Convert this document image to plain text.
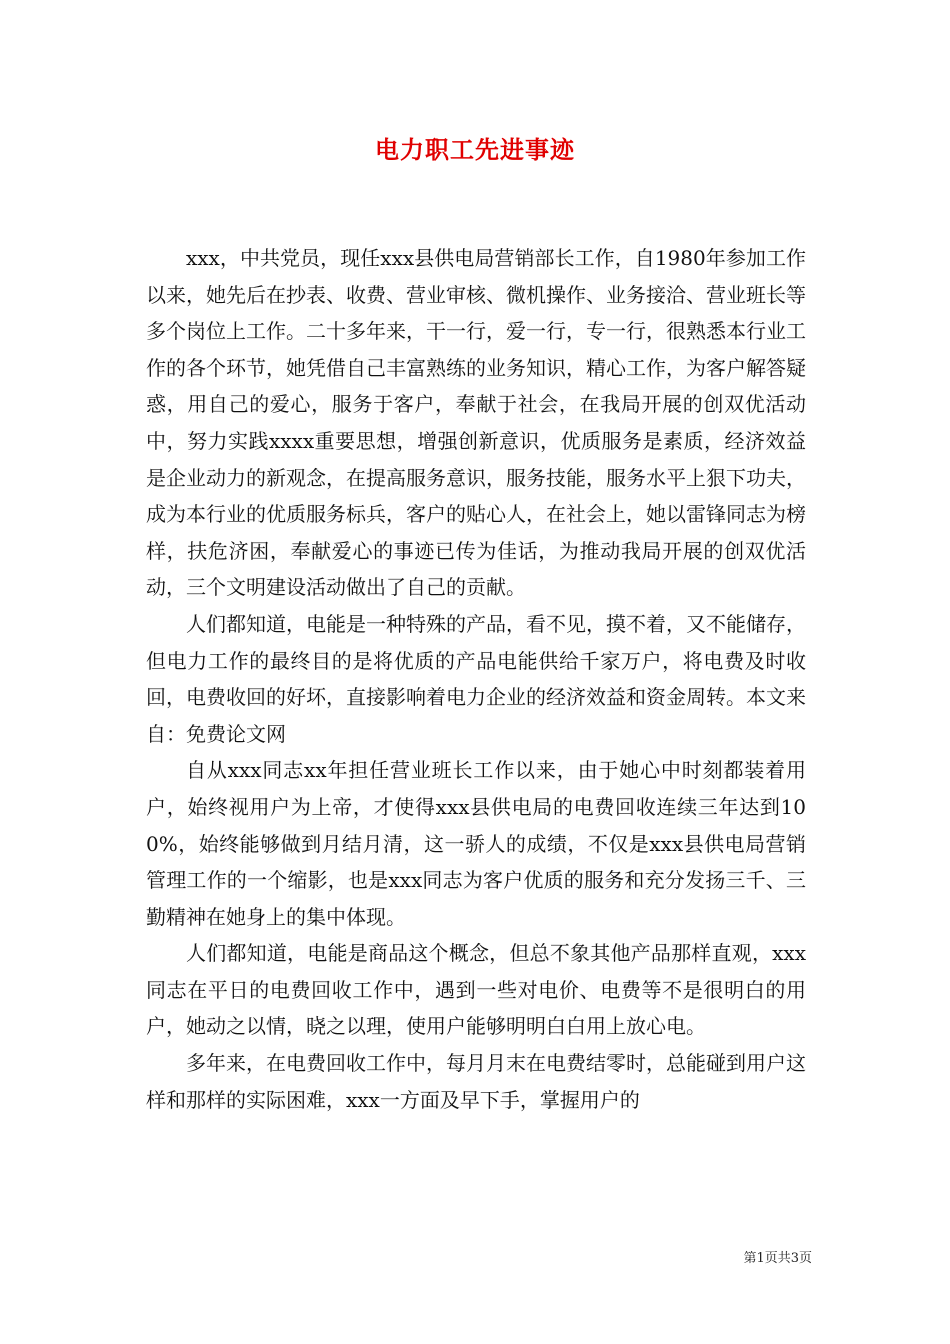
电力职工先进事迹

xxx，中共党员，现任xxx县供电局营销部长工作，自1980年参加工作以来，她先后在抄表、收费、营业审核、微机操作、业务接洽、营业班长等多个岗位上工作。二十多年来，干一行，爱一行，专一行，很熟悉本行业工作的各个环节，她凭借自己丰富熟练的业务知识，精心工作，为客户解答疑惑，用自己的爱心，服务于客户，奉献于社会，在我局开展的创双优活动中，努力实践xxxx重要思想，增强创新意识，优质服务是素质，经济效益是企业动力的新观念，在提高服务意识，服务技能，服务水平上狠下功夫，成为本行业的优质服务标兵，客户的贴心人，在社会上，她以雷锋同志为榜样，扶危济困，奉献爱心的事迹已传为佳话，为推动我局开展的创双优活动，三个文明建设活动做出了自己的贡献。

人们都知道，电能是一种特殊的产品，看不见，摸不着，又不能储存，但电力工作的最终目的是将优质的产品电能供给千家万户，将电费及时收回，电费收回的好坏，直接影响着电力企业的经济效益和资金周转。本文来自：免费论文网

自从xxx同志xx年担任营业班长工作以来，由于她心中时刻都装着用户，始终视用户为上帝，才使得xxx县供电局的电费回收连续三年达到100%，始终能够做到月结月清，这一骄人的成绩，不仅是xxx县供电局营销管理工作的一个缩影，也是xxx同志为客户优质的服务和充分发扬三千、三勤精神在她身上的集中体现。

人们都知道，电能是商品这个概念，但总不象其他产品那样直观，xxx同志在平日的电费回收工作中，遇到一些对电价、电费等不是很明白的用户，她动之以情，晓之以理，使用户能够明明白白用上放心电。

多年来，在电费回收工作中，每月月末在电费结零时，总能碰到用户这样和那样的实际困难，xxx一方面及早下手，掌握用户的

第1页共3页
